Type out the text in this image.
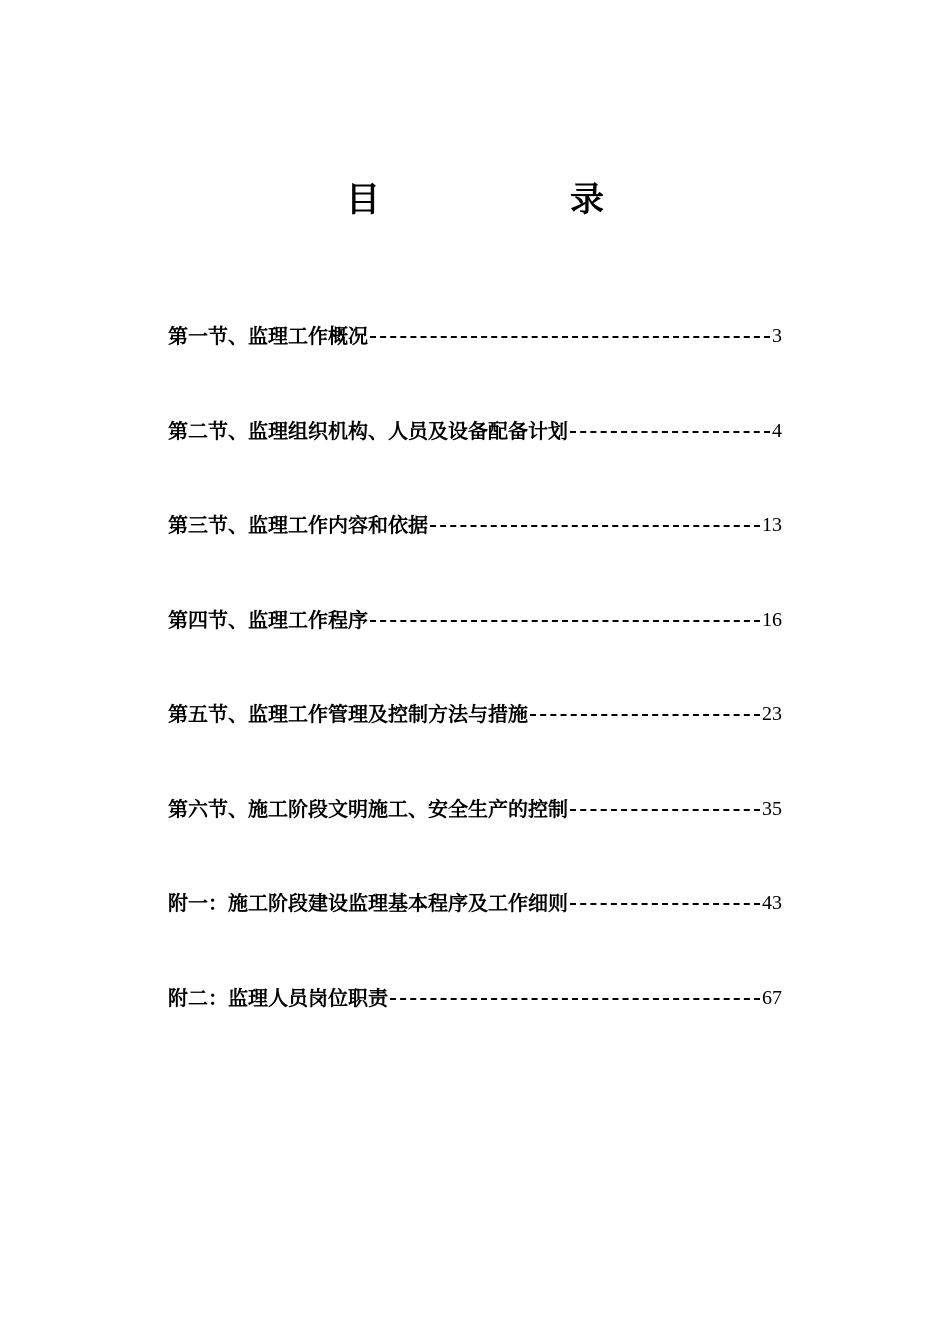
目	录
第一节、监理工作概况	3
第二节、监理组织机构、人员及设备配备计划	4
第三节、监理工作内容和依据	13
第四节、监理工作程序	16
第五节、监理工作管理及控制方法与措施	23
第六节、施工阶段文明施工、安全生产的控制	35
附一：施工阶段建设监理基本程序及工作细则	43
附二：监理人员岗位职责	67
